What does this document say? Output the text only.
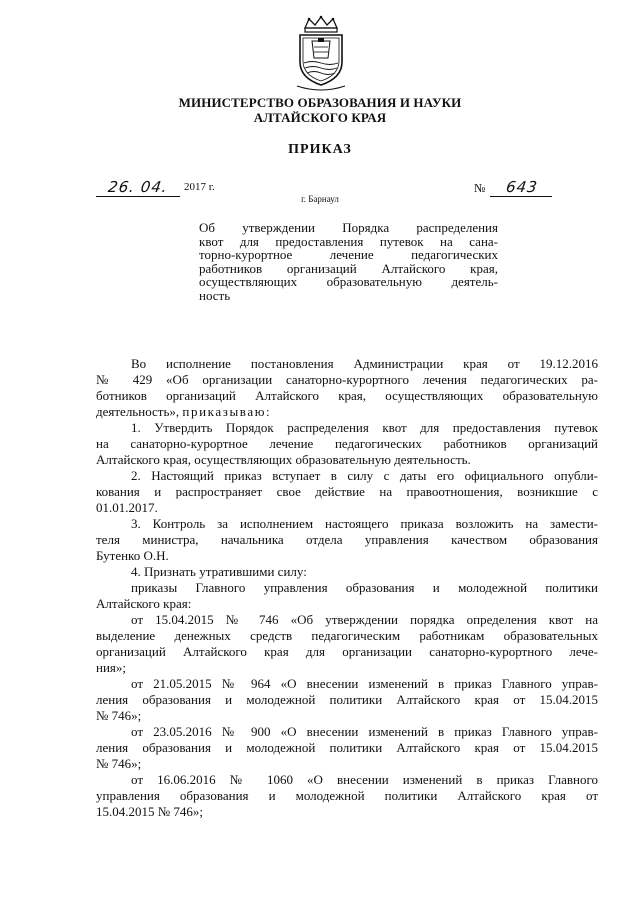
МИНИСТЕРСТВО ОБРАЗОВАНИЯ И НАУКИ
АЛТАЙСКОГО КРАЯ
ПРИКАЗ
26. 04.	2017 г.	№	643
г. Барнаул
Об утверждении Порядка распределения
квот для предоставления путевок на сана-
торно-курортное лечение педагогических
работников организаций Алтайского края,
осуществляющих образовательную деятель-
ность
Во исполнение постановления Администрации края от 19.12.2016
№ 429 «Об организации санаторно-курортного лечения педагогических ра-
ботников организаций Алтайского края, осуществляющих образовательную
деятельность», приказываю:
1. Утвердить Порядок распределения квот для предоставления путевок
на санаторно-курортное лечение педагогических работников организаций
Алтайского края, осуществляющих образовательную деятельность.
2. Настоящий приказ вступает в силу с даты его официального опубли-
кования и распространяет свое действие на правоотношения, возникшие с
01.01.2017.
3. Контроль за исполнением настоящего приказа возложить на замести-
теля министра, начальника отдела управления качеством образования
Бутенко О.Н.
4. Признать утратившими силу:
приказы Главного управления образования и молодежной политики
Алтайского края:
от 15.04.2015 № 746 «Об утверждении порядка определения квот на
выделение денежных средств педагогическим работникам образовательных
организаций Алтайского края для организации санаторно-курортного лече-
ния»;
от 21.05.2015 № 964 «О внесении изменений в приказ Главного управ-
ления образования и молодежной политики Алтайского края от 15.04.2015
№ 746»;
от 23.05.2016 № 900 «О внесении изменений в приказ Главного управ-
ления образования и молодежной политики Алтайского края от 15.04.2015
№ 746»;
от 16.06.2016 № 1060 «О внесении изменений в приказ Главного
управления образования и молодежной политики Алтайского края от
15.04.2015 № 746»;
